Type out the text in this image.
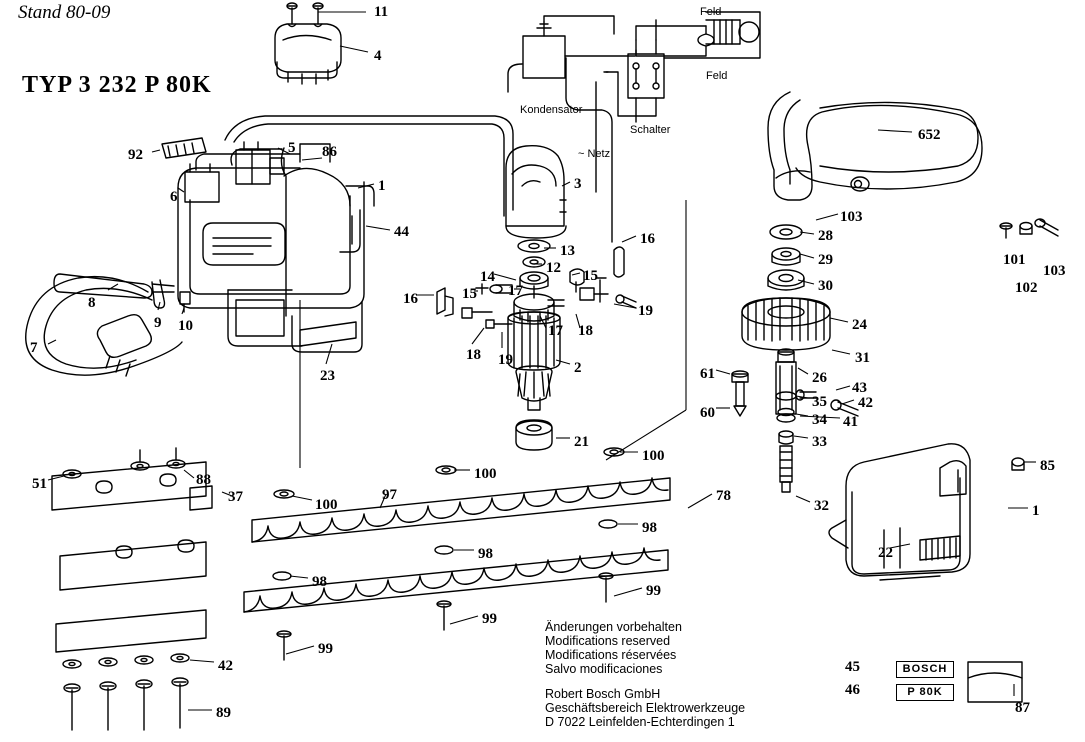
Stand 80-09
TYP 3 232 P 80K
Kondensator
Schalter
~ Netz
Feld
Feld
Änderungen vorbehalten
Modifications reserved
Modifications réservées
Salvo modificaciones
Robert Bosch GmbH
Geschäftsbereich Elektrowerkzeuge
D 7022 Leinfelden-Echterdingen 1
45	BOSCH
46	P 80K
11
4
652
92	5 86
6
1	3
103
28
101
103
102
29
30
44	16
13
12
14	15
8
9 10
16	15 17
17 18
19
24
7	18 19
23	2
31
61	26
43
42
60
35
34 41
33
21
100
100	85
51	88
100
37	97	78
32	1
98
22
98
98
99
99
99
42
87
89
